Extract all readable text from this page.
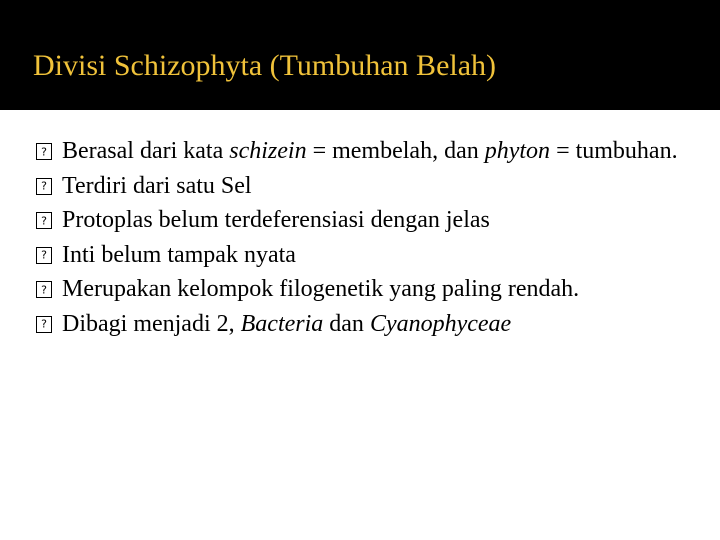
Divisi Schizophyta (Tumbuhan Belah)
?
Berasal dari kata schizein = membelah, dan phyton = tumbuhan.
?
Terdiri dari satu Sel
?
Protoplas belum terdeferensiasi dengan jelas
?
Inti belum tampak nyata
?
Merupakan kelompok filogenetik yang paling rendah.
?
Dibagi menjadi 2, Bacteria dan Cyanophyceae
